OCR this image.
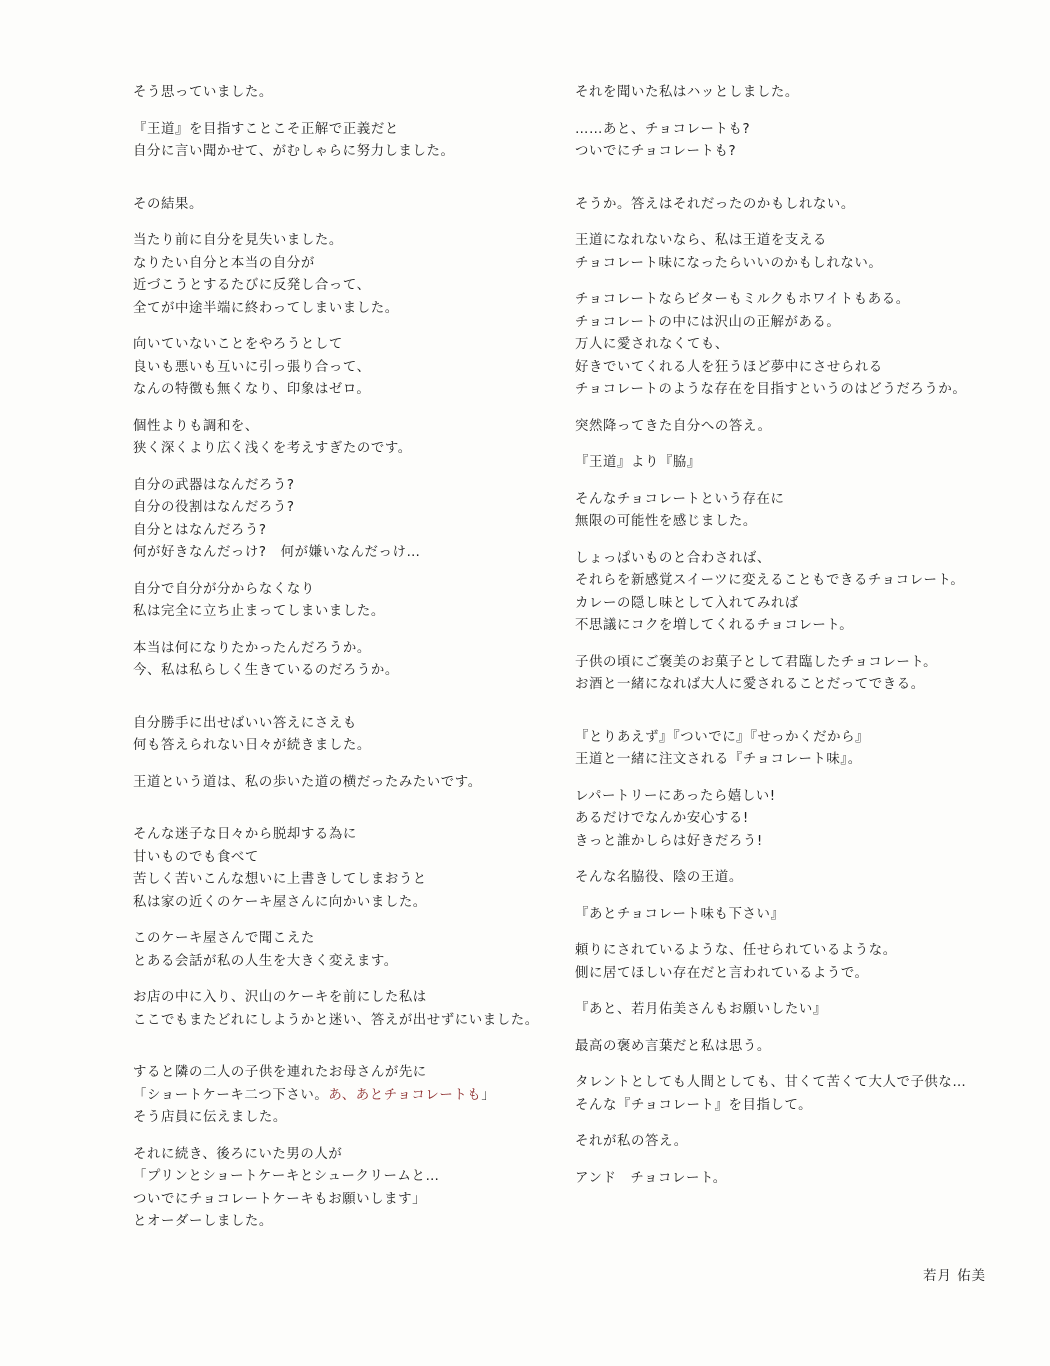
そう思っていました。
『王道』を目指すことこそ正解で正義だと
自分に言い聞かせて、がむしゃらに努力しました。
その結果。
当たり前に自分を見失いました。
なりたい自分と本当の自分が
近づこうとするたびに反発し合って、
全てが中途半端に終わってしまいました。
向いていないことをやろうとして
良いも悪いも互いに引っ張り合って、
なんの特徴も無くなり、印象はゼロ。
個性よりも調和を、
狭く深くより広く浅くを考えすぎたのです。
自分の武器はなんだろう?
自分の役割はなんだろう?
自分とはなんだろう?
何が好きなんだっけ?　何が嫌いなんだっけ…
自分で自分が分からなくなり
私は完全に立ち止まってしまいました。
本当は何になりたかったんだろうか。
今、私は私らしく生きているのだろうか。
自分勝手に出せばいい答えにさえも
何も答えられない日々が続きました。
王道という道は、私の歩いた道の横だったみたいです。
そんな迷子な日々から脱却する為に
甘いものでも食べて
苦しく苦いこんな想いに上書きしてしまおうと
私は家の近くのケーキ屋さんに向かいました。
このケーキ屋さんで聞こえた
とある会話が私の人生を大きく変えます。
お店の中に入り、沢山のケーキを前にした私は
ここでもまたどれにしようかと迷い、答えが出せずにいました。
すると隣の二人の子供を連れたお母さんが先に
「ショートケーキ二つ下さい。あ、あとチョコレートも」
そう店員に伝えました。
それに続き、後ろにいた男の人が
「プリンとショートケーキとシュークリームと…
ついでにチョコレートケーキもお願いします」
とオーダーしました。
それを聞いた私はハッとしました。
……あと、チョコレートも?
ついでにチョコレートも?
そうか。答えはそれだったのかもしれない。
王道になれないなら、私は王道を支える
チョコレート味になったらいいのかもしれない。
チョコレートならビターもミルクもホワイトもある。
チョコレートの中には沢山の正解がある。
万人に愛されなくても、
好きでいてくれる人を狂うほど夢中にさせられる
チョコレートのような存在を目指すというのはどうだろうか。
突然降ってきた自分への答え。
『王道』より『脇』
そんなチョコレートという存在に
無限の可能性を感じました。
しょっぱいものと合わされば、
それらを新感覚スイーツに変えることもできるチョコレート。
カレーの隠し味として入れてみれば
不思議にコクを増してくれるチョコレート。
子供の頃にご褒美のお菓子として君臨したチョコレート。
お酒と一緒になれば大人に愛されることだってできる。
『とりあえず』『ついでに』『せっかくだから』
王道と一緒に注文される『チョコレート味』。
レパートリーにあったら嬉しい!
あるだけでなんか安心する!
きっと誰かしらは好きだろう!
そんな名脇役、陰の王道。
『あとチョコレート味も下さい』
頼りにされているような、任せられているような。
側に居てほしい存在だと言われているようで。
『あと、若月佑美さんもお願いしたい』
最高の褒め言葉だと私は思う。
タレントとしても人間としても、甘くて苦くて大人で子供な…
そんな『チョコレート』を目指して。
それが私の答え。
アンド　チョコレート。
若月 佑美
